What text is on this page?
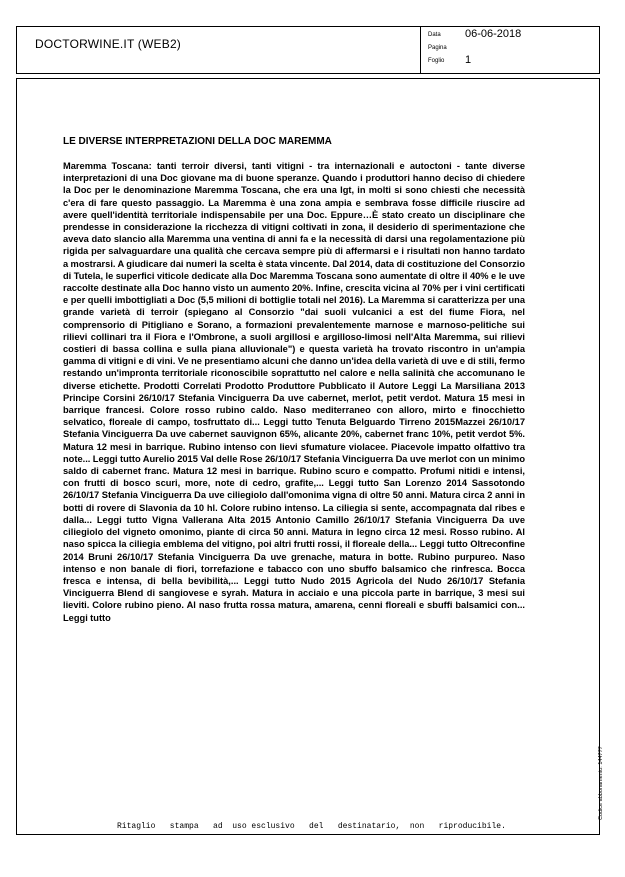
DOCTORWINE.IT (WEB2)
Data 06-06-2018
Pagina
Foglio 1
LE DIVERSE INTERPRETAZIONI DELLA DOC MAREMMA
Maremma Toscana: tanti terroir diversi, tanti vitigni - tra internazionali e autoctoni - tante diverse interpretazioni di una Doc giovane ma di buone speranze. Quando i produttori hanno deciso di chiedere la Doc per le denominazione Maremma Toscana, che era una Igt, in molti si sono chiesti che necessità c'era di fare questo passaggio. La Maremma è una zona ampia e sembrava fosse difficile riuscire ad avere quell'identità territoriale indispensabile per una Doc. Eppure…È stato creato un disciplinare che prendesse in considerazione la ricchezza di vitigni coltivati in zona, il desiderio di sperimentazione che aveva dato slancio alla Maremma una ventina di anni fa e la necessità di darsi una regolamentazione più rigida per salvaguardare una qualità che cercava sempre più di affermarsi e i risultati non hanno tardato a mostrarsi. A giudicare dai numeri la scelta è stata vincente. Dal 2014, data di costituzione del Consorzio di Tutela, le superfici viticole dedicate alla Doc Maremma Toscana sono aumentate di oltre il 40% e le uve raccolte destinate alla Doc hanno visto un aumento 20%. Infine, crescita vicina al 70% per i vini certificati e per quelli imbottigliati a Doc (5,5 milioni di bottiglie totali nel 2016). La Maremma si caratterizza per una grande varietà di terroir (spiegano al Consorzio "dai suoli vulcanici a est del fiume Fiora, nel comprensorio di Pitigliano e Sorano, a formazioni prevalentemente marnose e marnoso-pelitiche sui rilievi collinari tra il Fiora e l'Ombrone, a suoli argillosi e argilloso-limosi nell'Alta Maremma, sui rilievi costieri di bassa collina e sulla piana alluvionale") e questa varietà ha trovato riscontro in un'ampia gamma di vitigni e di vini. Ve ne presentiamo alcuni che danno un'idea della varietà di uve e di stili, fermo restando un'impronta territoriale riconoscibile soprattutto nel calore e nella salinità che accomunano le diverse etichette. Prodotti Correlati Prodotto Produttore Pubblicato il Autore Leggi La Marsiliana 2013 Principe Corsini 26/10/17 Stefania Vinciguerra Da uve cabernet, merlot, petit verdot. Matura 15 mesi in barrique francesi. Colore rosso rubino caldo. Naso mediterraneo con alloro, mirto e finocchietto selvatico, floreale di campo, tosfruttato di... Leggi tutto Tenuta Belguardo Tirreno 2015Mazzei 26/10/17 Stefania Vinciguerra Da uve cabernet sauvignon 65%, alicante 20%, cabernet franc 10%, petit verdot 5%. Matura 12 mesi in barrique. Rubino intenso con lievi sfumature violacee. Piacevole impatto olfattivo tra note... Leggi tutto Aurelio 2015 Val delle Rose 26/10/17 Stefania Vinciguerra Da uve merlot con un minimo saldo di cabernet franc. Matura 12 mesi in barrique. Rubino scuro e compatto. Profumi nitidi e intensi, con frutti di bosco scuri, more, note di cedro, grafite,... Leggi tutto San Lorenzo 2014 Sassotondo 26/10/17 Stefania Vinciguerra Da uve ciliegiolo dall'omonima vigna di oltre 50 anni. Matura circa 2 anni in botti di rovere di Slavonia da 10 hl. Colore rubino intenso. La ciliegia si sente, accompagnata dal ribes e dalla... Leggi tutto Vigna Vallerana Alta 2015 Antonio Camillo 26/10/17 Stefania Vinciguerra Da uve ciliegiolo del vigneto omonimo, piante di circa 50 anni. Matura in legno circa 12 mesi. Rosso rubino. Al naso spicca la ciliegia emblema del vitigno, poi altri frutti rossi, il floreale della... Leggi tutto Oltreconfine 2014 Bruni 26/10/17 Stefania Vinciguerra Da uve grenache, matura in botte. Rubino purpureo. Naso intenso e non banale di fiori, torrefazione e tabacco con uno sbuffo balsamico che rinfresca. Bocca fresca e intensa, di bella bevibilità,... Leggi tutto Nudo 2015 Agricola del Nudo 26/10/17 Stefania Vinciguerra Blend di sangiovese e syrah. Matura in acciaio e una piccola parte in barrique, 3 mesi sui lieviti. Colore rubino pieno. Al naso frutta rossa matura, amarena, cenni floreali e sbuffi balsamici con... Leggi tutto
Codice abbonamento: 144777
Ritaglio   stampa   ad  uso esclusivo   del   destinatario,  non   riproducibile.
